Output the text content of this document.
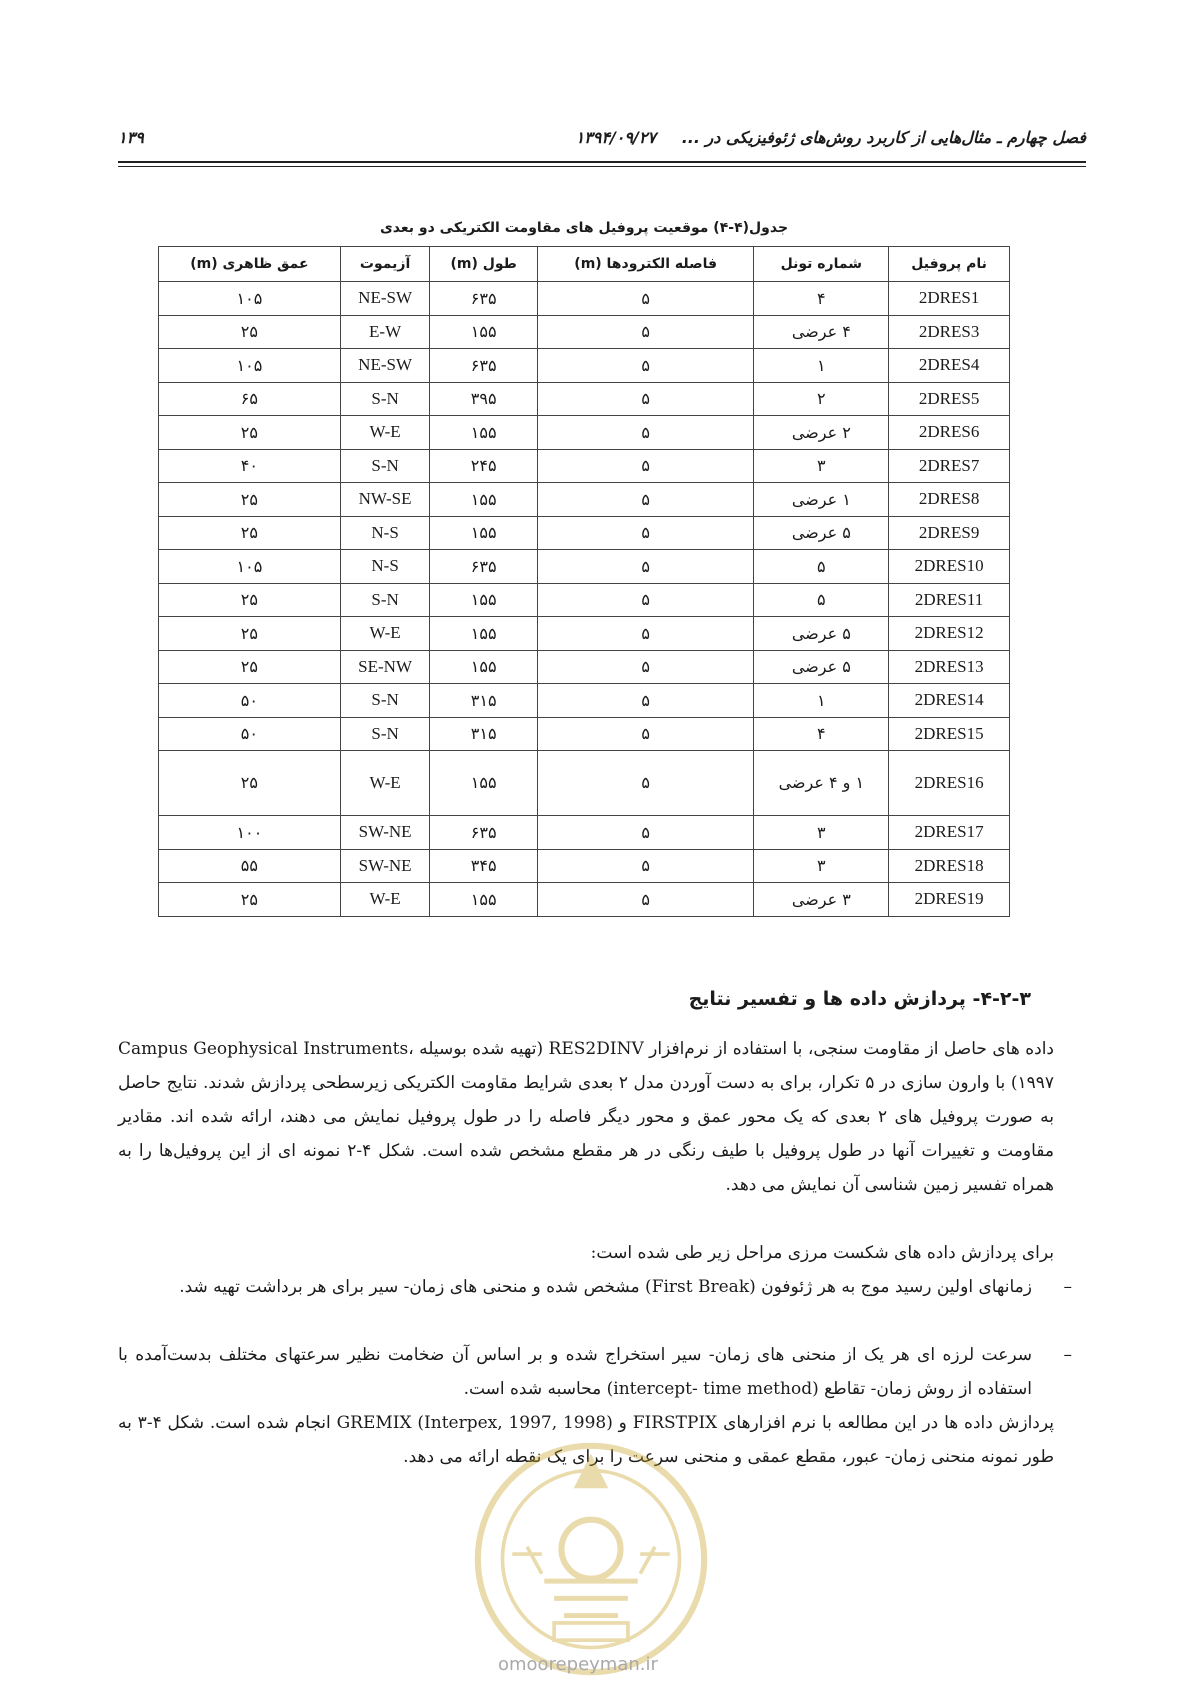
فصل چهارم ـ مثال‌هایی از کاربرد روش‌های ژئوفیزیکی در ...
۱۳۹۴/۰۹/۲۷
۱۳۹
جدول(۴-۴) موقعیت پروفیل های مقاومت الکتریکی دو بعدی
نام پروفیل	شماره تونل	فاصله الکترودها (m)	طول (m)	آزیموت	عمق ظاهری (m)
2DRES1	۴	۵	۶۳۵	NE-SW	۱۰۵
2DRES3	۴ عرضی	۵	۱۵۵	E-W	۲۵
2DRES4	۱	۵	۶۳۵	NE-SW	۱۰۵
2DRES5	۲	۵	۳۹۵	S-N	۶۵
2DRES6	۲ عرضی	۵	۱۵۵	W-E	۲۵
2DRES7	۳	۵	۲۴۵	S-N	۴۰
2DRES8	۱ عرضی	۵	۱۵۵	NW-SE	۲۵
2DRES9	۵ عرضی	۵	۱۵۵	N-S	۲۵
2DRES10	۵	۵	۶۳۵	N-S	۱۰۵
2DRES11	۵	۵	۱۵۵	S-N	۲۵
2DRES12	۵ عرضی	۵	۱۵۵	W-E	۲۵
2DRES13	۵ عرضی	۵	۱۵۵	SE-NW	۲۵
2DRES14	۱	۵	۳۱۵	S-N	۵۰
2DRES15	۴	۵	۳۱۵	S-N	۵۰
2DRES16	۱ و ۴ عرضی	۵	۱۵۵	W-E	۲۵
2DRES17	۳	۵	۶۳۵	SW-NE	۱۰۰
2DRES18	۳	۵	۳۴۵	SW-NE	۵۵
2DRES19	۳ عرضی	۵	۱۵۵	W-E	۲۵
۴-۲-۳- پردازش داده ها و تفسیر نتایج
داده های حاصل از مقاومت سنجی، با استفاده از نرم‌افزار RES2DINV (تهیه شده بوسیله Campus Geophysical Instruments، ۱۹۹۷) با وارون سازی در ۵ تکرار، برای به دست آوردن مدل ۲ بعدی شرایط مقاومت الکتریکی زیرسطحی پردازش شدند. نتایج حاصل به صورت پروفیل های ۲ بعدی که یک محور عمق و محور دیگر فاصله را در طول پروفیل نمایش می دهند، ارائه شده اند. مقادیر مقاومت و تغییرات آنها در طول پروفیل با طیف رنگی در هر مقطع مشخص شده است. شکل ۴-۲ نمونه ای از این پروفیل‌ها را به همراه تفسیر زمین شناسی آن نمایش می دهد.
برای پردازش داده های شکست مرزی مراحل زیر طی شده است:
–
زمانهای اولین رسید موج به هر ژئوفون (First Break) مشخص شده و منحنی های زمان- سیر برای هر برداشت تهیه شد.
–
سرعت لرزه ای هر یک از منحنی های زمان- سیر استخراج شده و بر اساس آن ضخامت نظیر سرعتهای مختلف بدست‌آمده با استفاده از روش زمان- تقاطع (intercept- time method) محاسبه شده است.
پردازش داده ها در این مطالعه با نرم افزارهای FIRSTPIX و GREMIX (Interpex, 1997, 1998) انجام شده است. شکل ۴-۳ به طور نمونه منحنی زمان- عبور، مقطع عمقی و منحنی سرعت را برای یک نقطه ارائه می دهد.
omoorepeyman.ir
